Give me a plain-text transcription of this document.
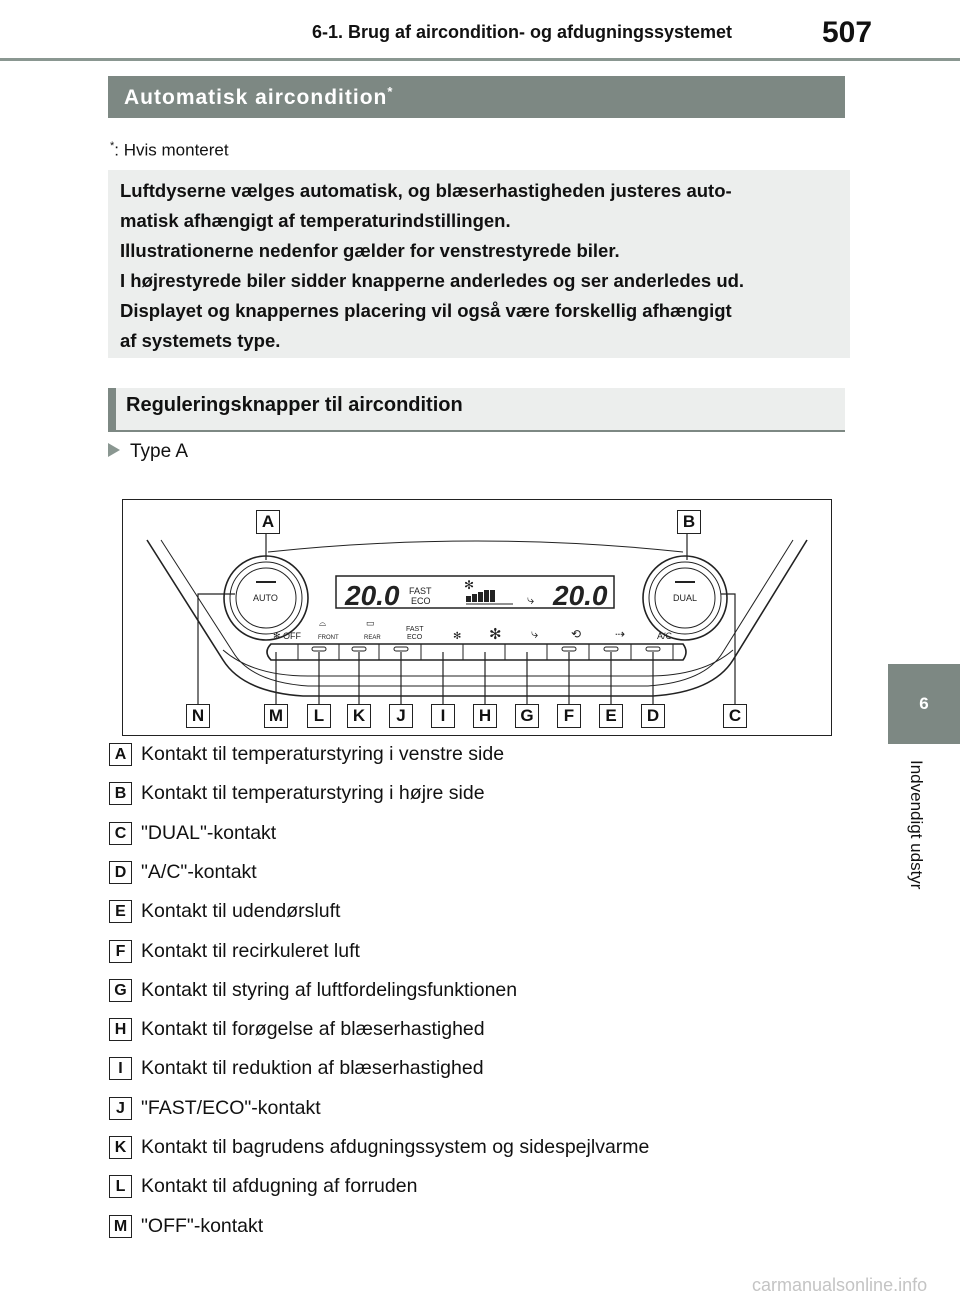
6-1. Brug af aircondition- og afdugningssystemet	507
Automatisk aircondition*
*: Hvis monteret
Luftdyserne vælges automatisk, og blæserhastigheden justeres auto-
matisk afhængigt af temperaturindstillingen.
Illustrationerne nedenfor gælder for venstrestyrede biler.
I højrestyrede biler sidder knapperne anderledes og ser anderledes ud.
Displayet og knappernes placering vil også være forskellig afhængigt
af systemets type.
Reguleringsknapper til aircondition
Type A
20.0	20.0
FAST
ECO
✻
⤷
AUTO	DUAL
✻ OFF
⌓
FRONT
▭
REAR
FAST
ECO	✻ ✻ ⤷	⟲	⇢	A/C
A	B
N	M	L	K	J	I	H	G	F	E	D	C
A Kontakt til temperaturstyring i venstre side
B Kontakt til temperaturstyring i højre side
C "DUAL"-kontakt
D "A/C"-kontakt
E Kontakt til udendørsluft
F Kontakt til recirkuleret luft
G Kontakt til styring af luftfordelingsfunktionen
H Kontakt til forøgelse af blæserhastighed
I Kontakt til reduktion af blæserhastighed
J "FAST/ECO"-kontakt
K Kontakt til bagrudens afdugningssystem og sidespejlvarme
L Kontakt til afdugning af forruden
M "OFF"-kontakt
6
Indvendigt udstyr
carmanualsonline.info
